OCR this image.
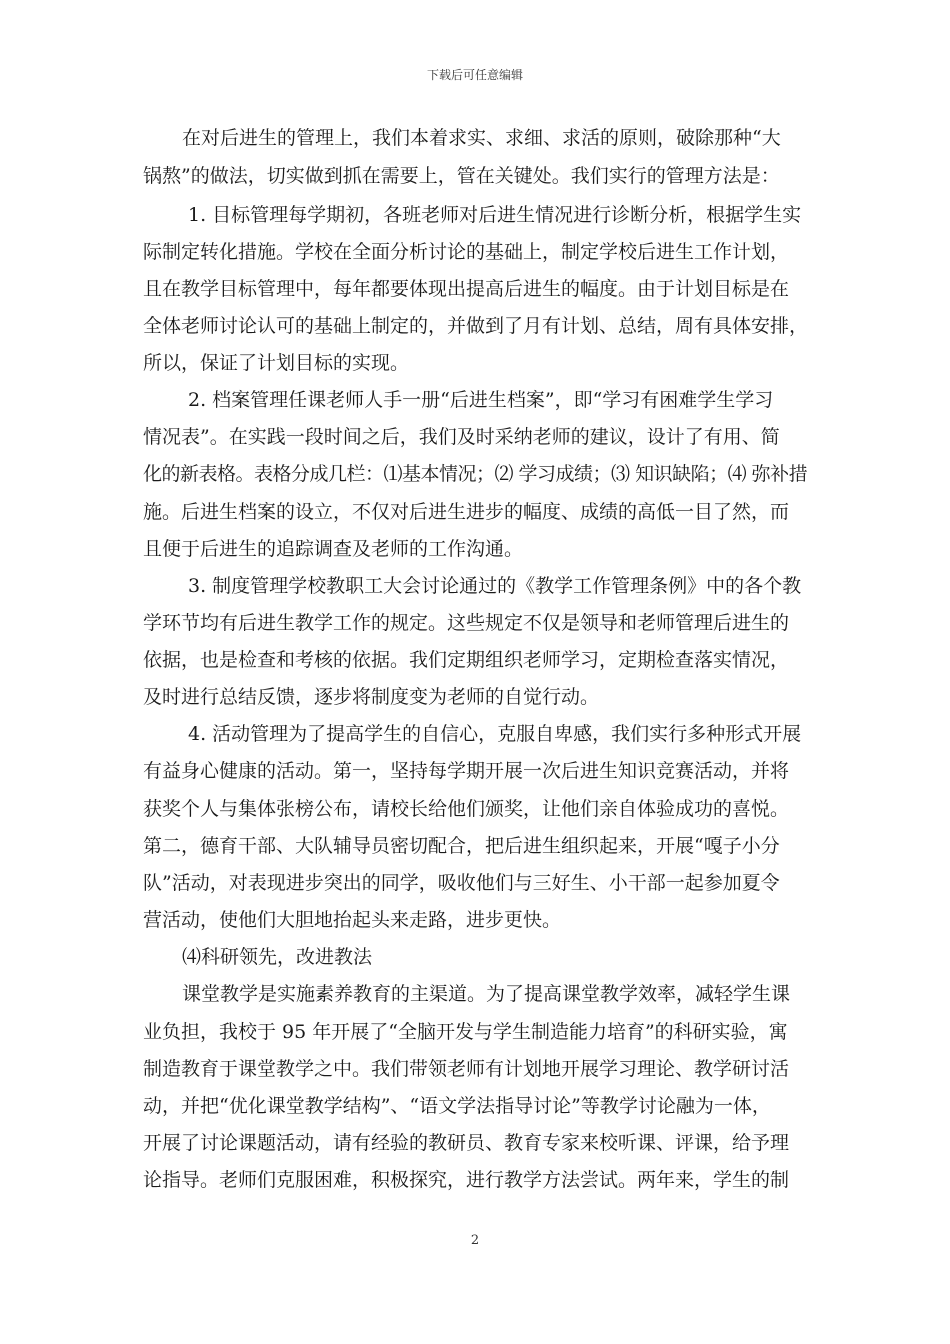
下载后可任意编辑
在对后进生的管理上，我们本着求实、求细、求活的原则，破除那种“大
锅熬”的做法，切实做到抓在需要上，管在关键处。我们实行的管理方法是：
1. 目标管理每学期初，各班老师对后进生情况进行诊断分析，根据学生实
际制定转化措施。学校在全面分析讨论的基础上，制定学校后进生工作计划，
且在教学目标管理中，每年都要体现出提高后进生的幅度。由于计划目标是在
全体老师讨论认可的基础上制定的，并做到了月有计划、总结，周有具体安排，
所以，保证了计划目标的实现。
2. 档案管理任课老师人手一册“后进生档案”，即“学习有困难学生学习
情况表”。在实践一段时间之后，我们及时采纳老师的建议，设计了有用、简
化的新表格。表格分成几栏：⑴基本情况；⑵ 学习成绩；⑶ 知识缺陷；⑷ 弥补措
施。后进生档案的设立，不仅对后进生进步的幅度、成绩的高低一目了然，而
且便于后进生的追踪调查及老师的工作沟通。
3. 制度管理学校教职工大会讨论通过的《教学工作管理条例》中的各个教
学环节均有后进生教学工作的规定。这些规定不仅是领导和老师管理后进生的
依据，也是检查和考核的依据。我们定期组织老师学习，定期检查落实情况，
及时进行总结反馈，逐步将制度变为老师的自觉行动。
4. 活动管理为了提高学生的自信心，克服自卑感，我们实行多种形式开展
有益身心健康的活动。第一，坚持每学期开展一次后进生知识竞赛活动，并将
获奖个人与集体张榜公布，请校长给他们颁奖，让他们亲自体验成功的喜悦。
第二，德育干部、大队辅导员密切配合，把后进生组织起来，开展“嘎子小分
队”活动，对表现进步突出的同学，吸收他们与三好生、小干部一起参加夏令
营活动，使他们大胆地抬起头来走路，进步更快。
⑷科研领先，改进教法
课堂教学是实施素养教育的主渠道。为了提高课堂教学效率，减轻学生课
业负担，我校于 95 年开展了“全脑开发与学生制造能力培育”的科研实验，寓
制造教育于课堂教学之中。我们带领老师有计划地开展学习理论、教学研讨活
动，并把“优化课堂教学结构”、“语文学法指导讨论”等教学讨论融为一体，
开展了讨论课题活动，请有经验的教研员、教育专家来校听课、评课，给予理
论指导。老师们克服困难，积极探究，进行教学方法尝试。两年来，学生的制
2
